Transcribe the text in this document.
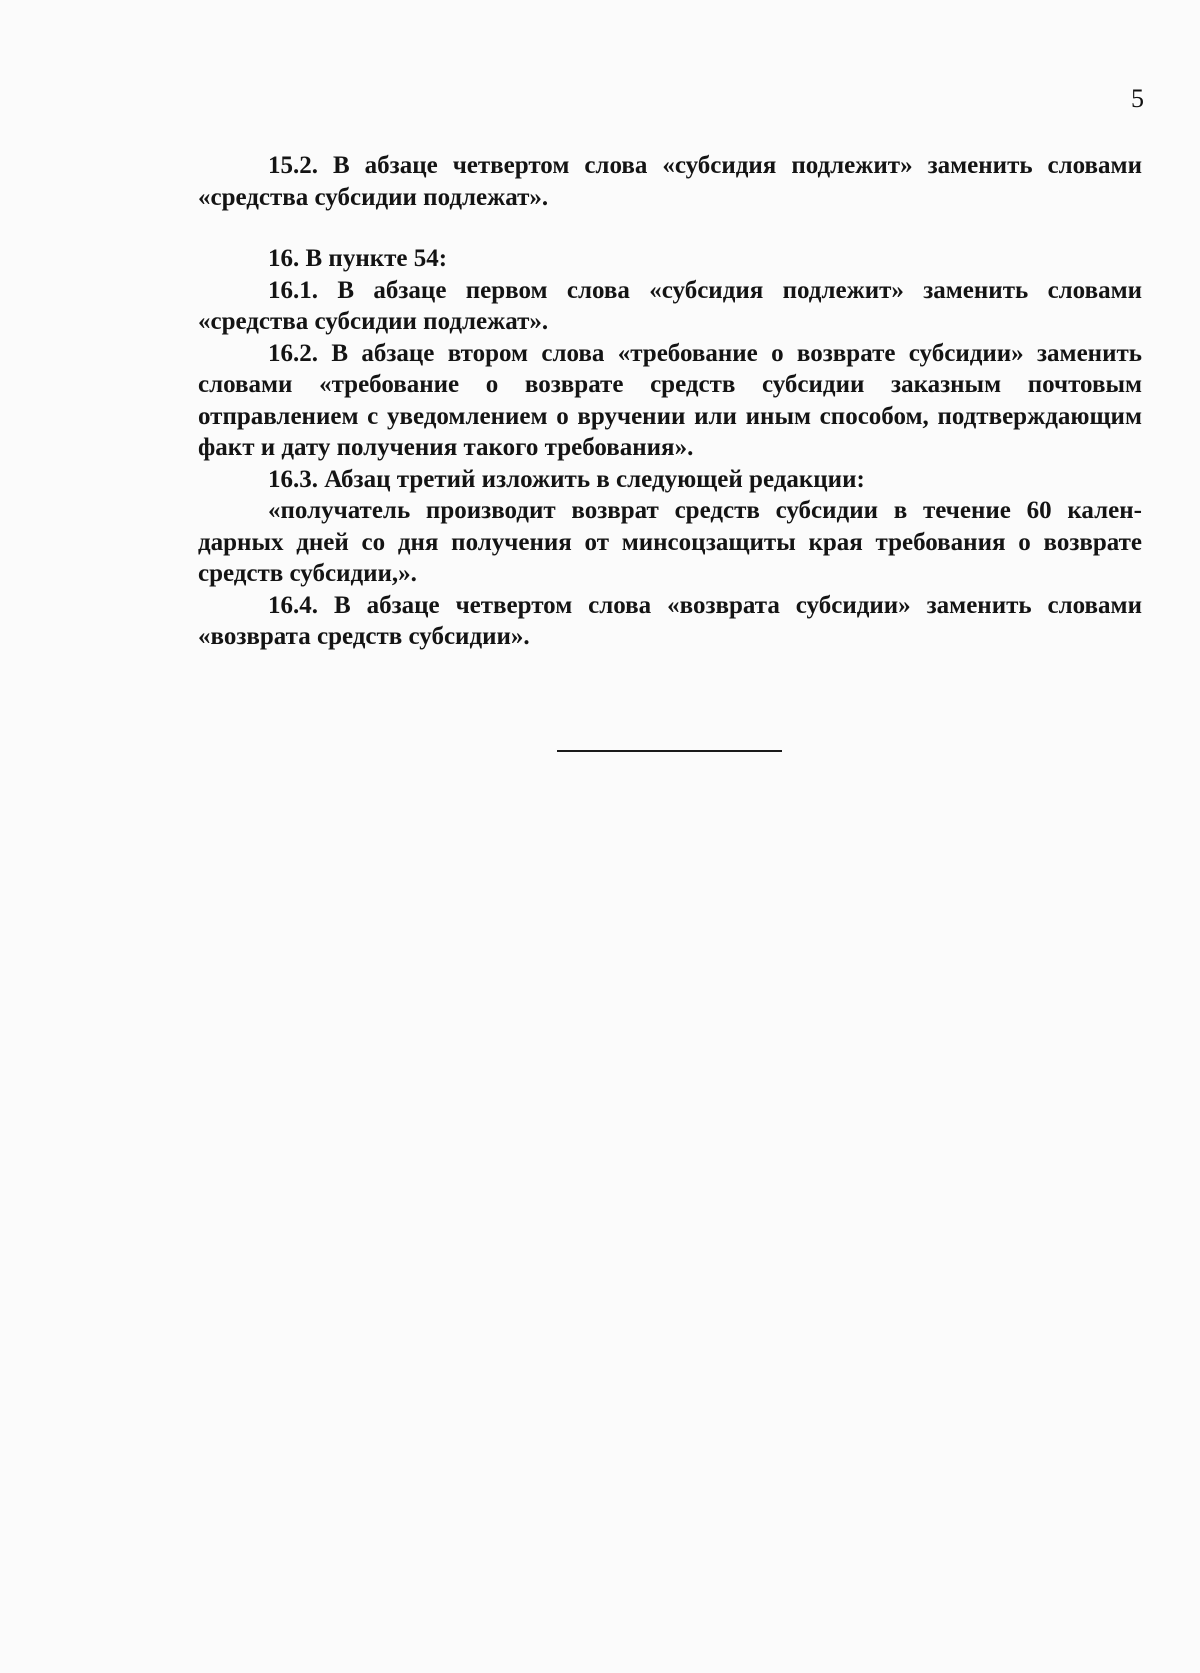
5

15.2. В абзаце четвертом слова «субсидия подлежит» заменить словами «средства субсидии подлежат».

16. В пункте 54:

16.1. В абзаце первом слова «субсидия подлежит» заменить словами «средства субсидии подлежат».

16.2. В абзаце втором слова «требование о возврате субсидии» заменить словами «требование о возврате средств субсидии заказным почтовым отправлением с уведомлением о вручении или иным способом, подтверждающим факт и дату получения такого требования».

16.3. Абзац третий изложить в следующей редакции:

«получатель производит возврат средств субсидии в течение 60 календарных дней со дня получения от минсоцзащиты края требования о возврате средств субсидии,».

16.4. В абзаце четвертом слова «возврата субсидии» заменить словами «возврата средств субсидии».
